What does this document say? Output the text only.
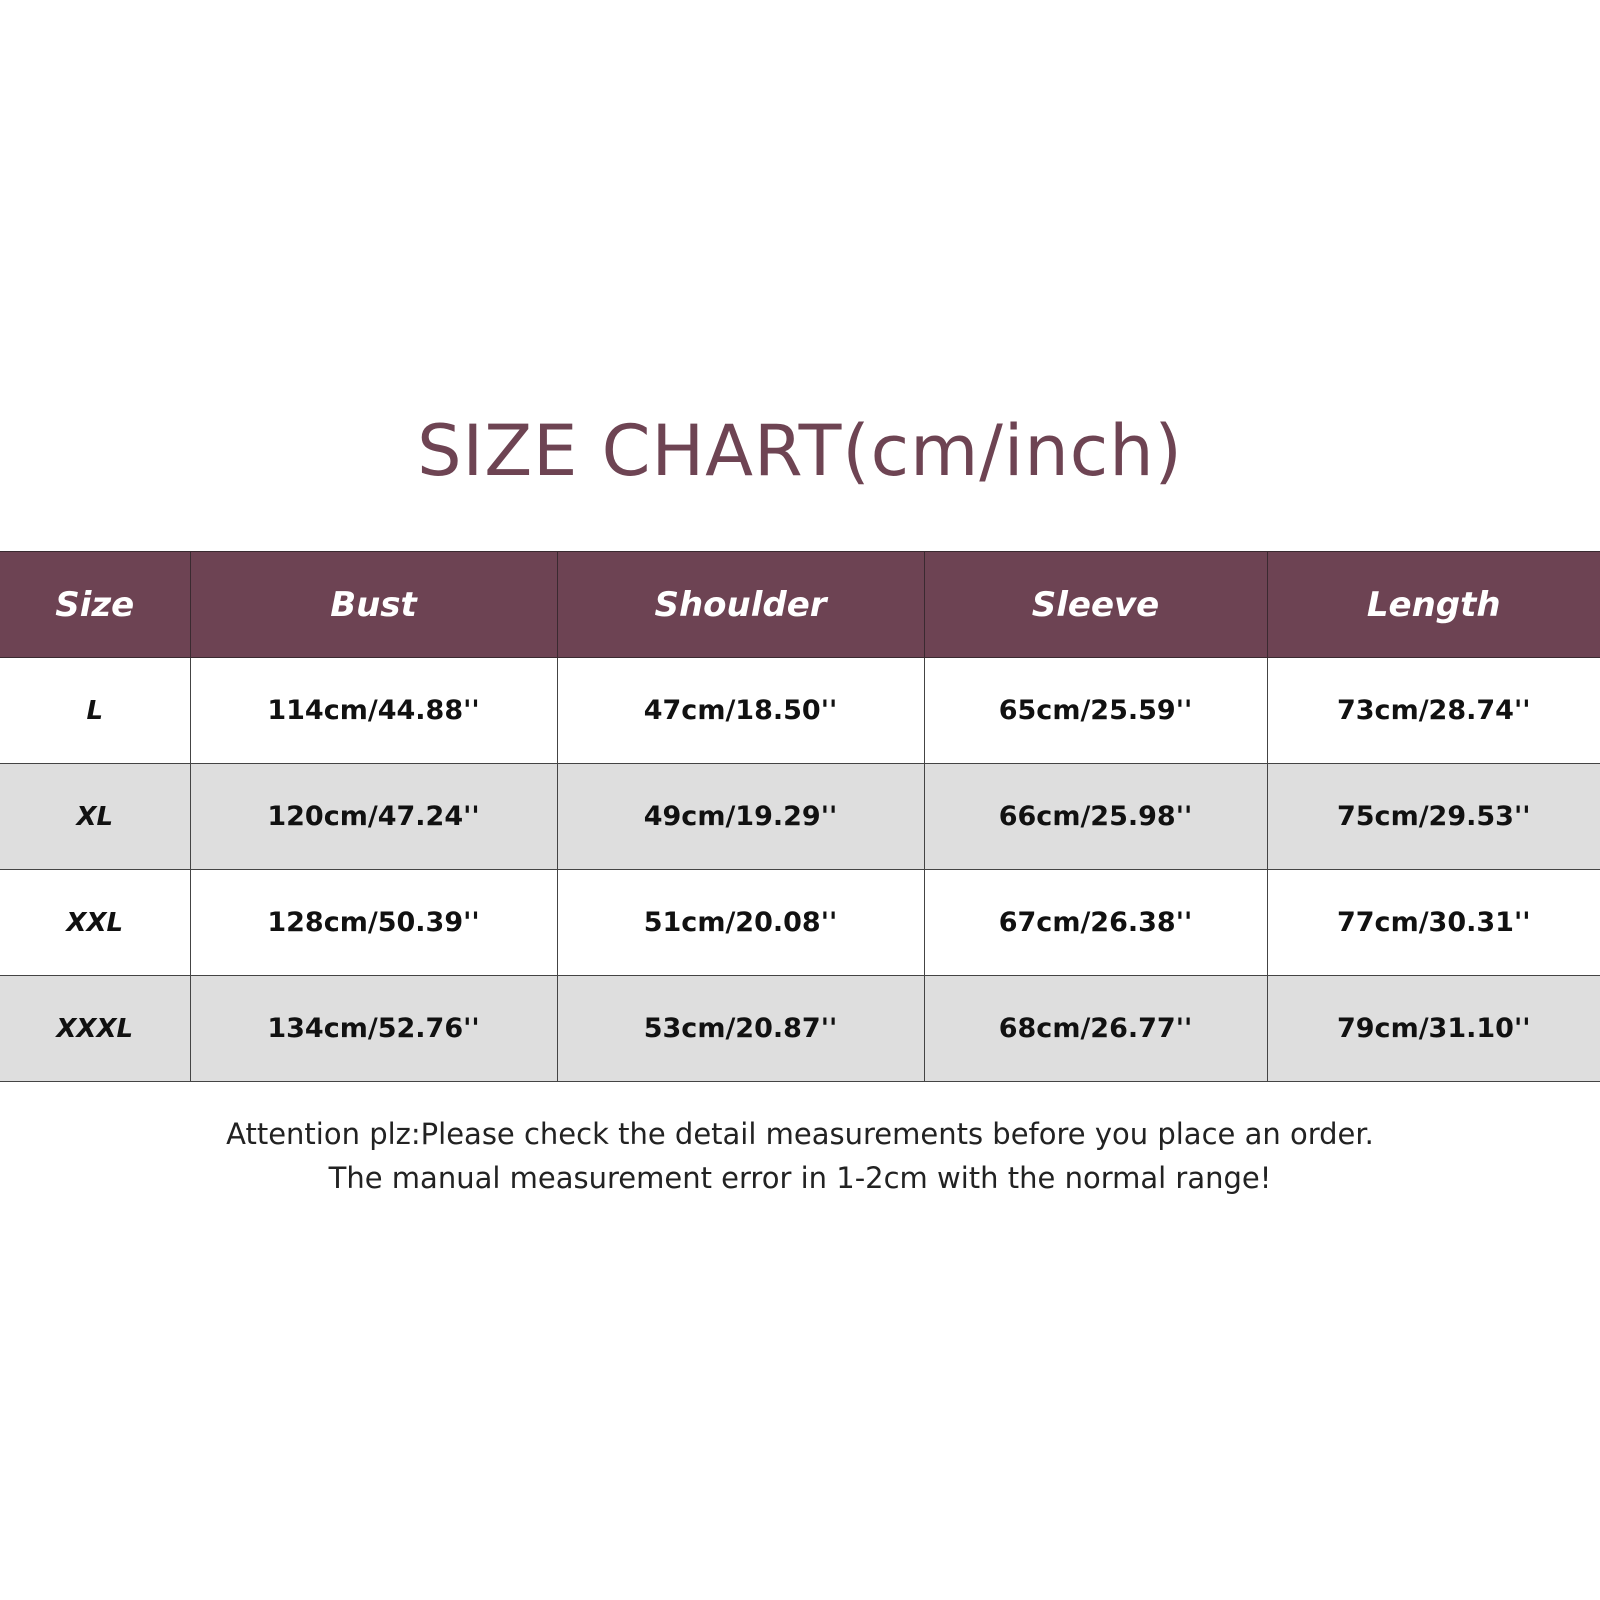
SIZE CHART(cm/inch)
Size	Bust	Shoulder	Sleeve	Length
L	114cm/44.88''	47cm/18.50''	65cm/25.59''	73cm/28.74''
XL	120cm/47.24''	49cm/19.29''	66cm/25.98''	75cm/29.53''
XXL	128cm/50.39''	51cm/20.08''	67cm/26.38''	77cm/30.31''
XXXL	134cm/52.76''	53cm/20.87''	68cm/26.77''	79cm/31.10''
Attention plz:Please check the detail measurements before you place an order.
The manual measurement error in 1-2cm with the normal range!
